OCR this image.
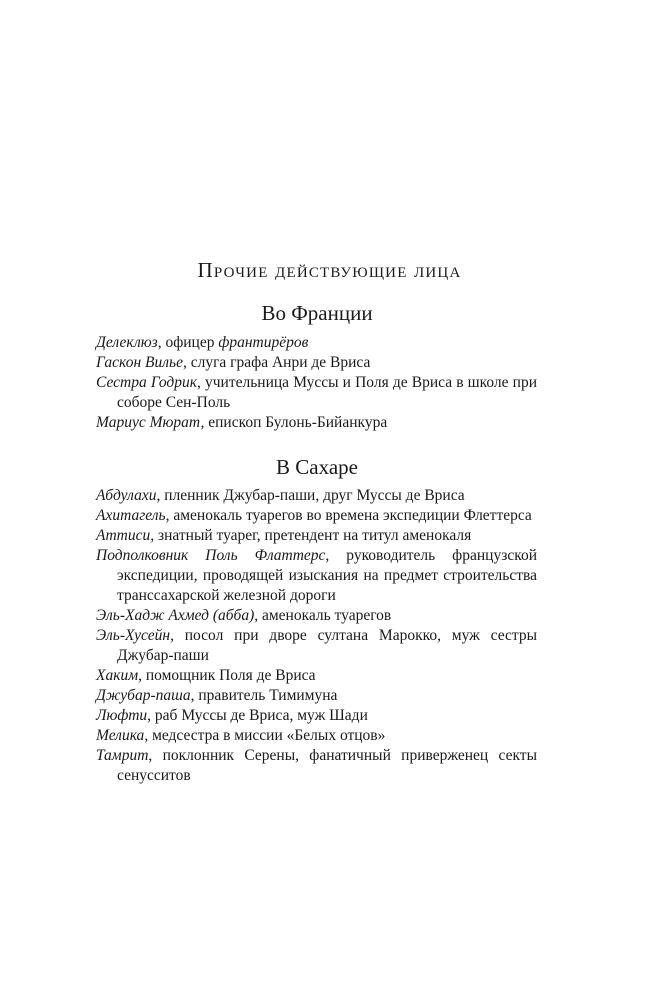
Прочие действующие лица
Во Франции
Делеклюз, офицер франтирёров
Гаскон Вилье, слуга графа Анри де Вриса
Сестра Годрик, учительница Муссы и Поля де Вриса в школе при соборе Сен-Поль
Мариус Мюрат, епископ Булонь-Бийанкура
В Сахаре
Абдулахи, пленник Джубар-паши, друг Муссы де Вриса
Ахитагель, аменокаль туарегов во времена экспедиции Флеттерса
Аттиси, знатный туарег, претендент на титул аменокаля
Подполковник Поль Флаттерс, руководитель французской экспедиции, проводящей изыскания на предмет строительства транссахарской железной дороги
Эль-Хадж Ахмед (абба), аменокаль туарегов
Эль-Хусейн, посол при дворе султана Марокко, муж сестры Джубар-паши
Хаким, помощник Поля де Вриса
Джубар-паша, правитель Тимимуна
Люфти, раб Муссы де Вриса, муж Шади
Мелика, медсестра в миссии «Белых отцов»
Тамрит, поклонник Серены, фанатичный приверженец секты сенусситов
